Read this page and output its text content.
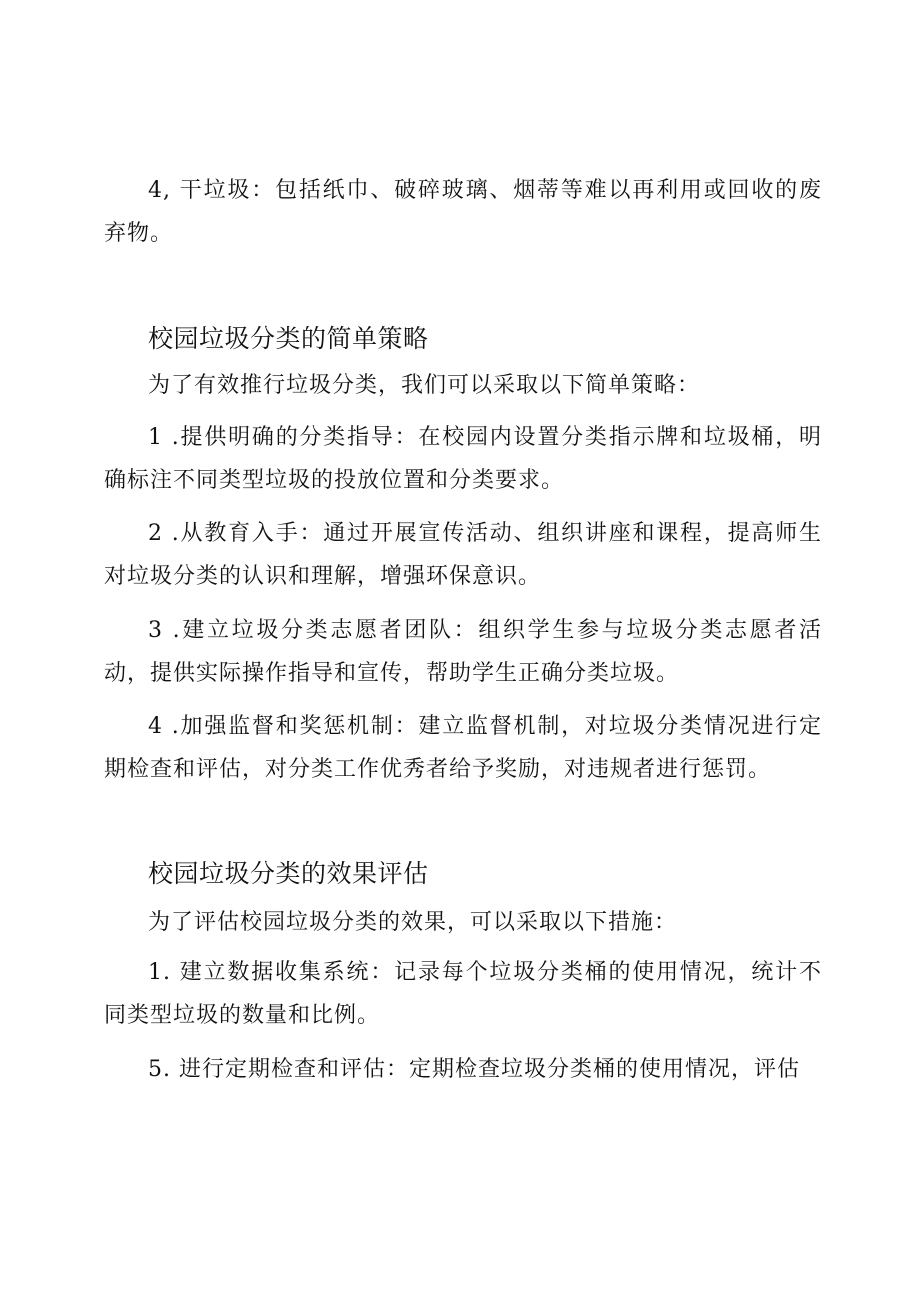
4, 干垃圾：包括纸巾、破碎玻璃、烟蒂等难以再利用或回收的废弃物。

校园垃圾分类的简单策略

为了有效推行垃圾分类，我们可以采取以下简单策略：

1 .提供明确的分类指导：在校园内设置分类指示牌和垃圾桶，明确标注不同类型垃圾的投放位置和分类要求。

2 .从教育入手：通过开展宣传活动、组织讲座和课程，提高师生对垃圾分类的认识和理解，增强环保意识。

3 .建立垃圾分类志愿者团队：组织学生参与垃圾分类志愿者活动，提供实际操作指导和宣传，帮助学生正确分类垃圾。

4 .加强监督和奖惩机制：建立监督机制，对垃圾分类情况进行定期检查和评估，对分类工作优秀者给予奖励，对违规者进行惩罚。

校园垃圾分类的效果评估

为了评估校园垃圾分类的效果，可以采取以下措施：

1. 建立数据收集系统：记录每个垃圾分类桶的使用情况，统计不同类型垃圾的数量和比例。

5. 进行定期检查和评估：定期检查垃圾分类桶的使用情况，评估
